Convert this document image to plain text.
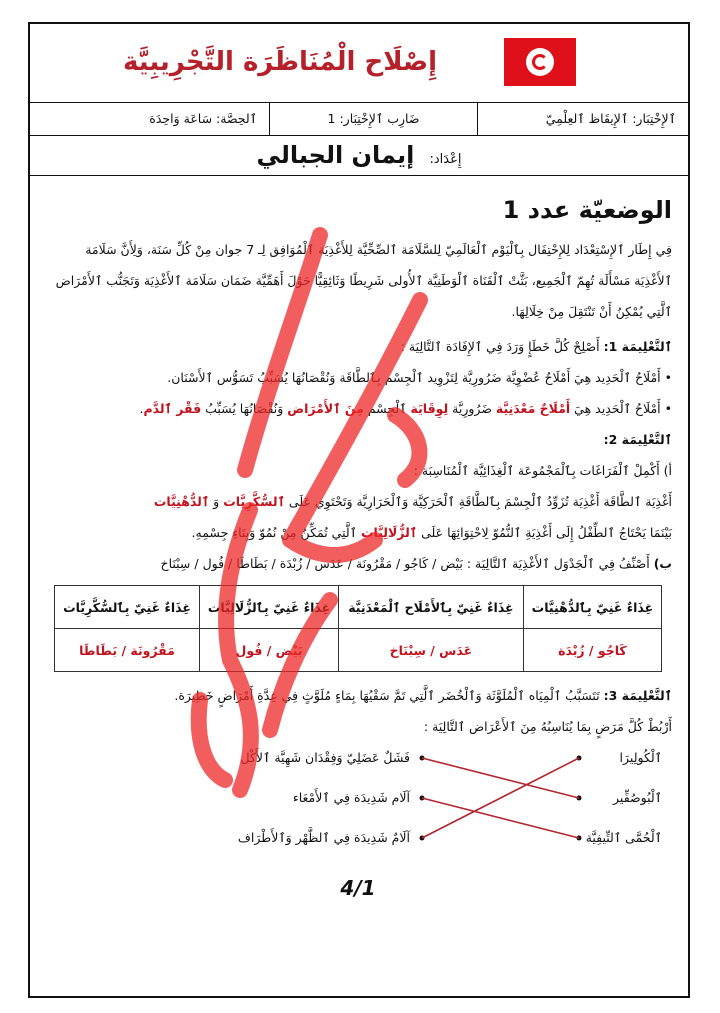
إِصْلَاح الْمُنَاظَرَة التَّجْرِيبِيَّة
ٱلإِخْتِبَار: ٱلإِيقَاظ ٱلعِلْمِيّ
ضَارِب ٱلإِخْتِبَار: 1
ٱلحِصَّة: سَاعَة وَاحِدَة
إِعْدَاد: إيمان الجبالي
الوضعيّة عدد 1
فِي إِطَار ٱلإِسْتِعْدَاد لِلإِحْتِفَال بِٱلْيَوْم ٱلْعَالَمِيّ لِلسَّلَامَة ٱلصِّحِّيَّة لِلأَغْذِيَة ٱلْمُوَافِق لِـ 7 جوان مِنْ كُلِّ سَنَة، وَلِأَنَّ سَلَامَة ٱلأَغْذِيَة مَسْأَلَة تُهِمّ ٱلْجَمِيع، بَثَّتْ ٱلْقَنَاة ٱلْوَطَنِيَّة ٱلأُولى شَرِيطًا وَثَائِقِيًّا حَوْلَ أَهَمِّيَّة ضَمَان سَلَامَة ٱلأَغْذِيَة وَتَجَنُّب ٱلأَمْرَاض ٱلَّتِي يُمْكِنُ أَنْ تَنْتَقِلَ مِنْ خِلَالِهَا.
ٱلتَّعْلِيمَة 1: أَصْلِحْ كُلَّ خَطَإٍ وَرَدَ فِي ٱلإِفَادَة ٱلتَّالِيَة :
• أَمْلَاحُ ٱلْحَدِيد هِيَ أَمْلَاحٌ عُضْوِيَّة ضَرُورِيَّة لِتَزْوِيد ٱلْجِسْم بِٱلطَّاقَة وَنُقْصَانُهَا يُسَبِّبُ تَسَوُّس ٱلأَسْنَان.
• أَمْلَاحُ ٱلْحَدِيد هِيَ أَمْلَاحٌ مَعْدَنِيَّة ضَرُورِيَّة لِوِقَايَة ٱلْجِسْم مِنَ ٱلأَمْرَاض وَنُقْصَانُهَا يُسَبِّبُ فَقْر ٱلدَّم.
ٱلتَّعْلِيمَة 2:
أ) أَكْمِلْ ٱلْفَرَاغَات بِٱلْمَجْمُوعَة ٱلْغِذَائِيَّة ٱلْمُنَاسِبَة :
أَغْذِيَة ٱلطَّاقَة أَغْذِيَة تُزَوِّدُ ٱلْجِسْمَ بِٱلطَّاقَةِ ٱلْحَرَكِيَّة وَٱلْحَرَارِيَّة وَتَحْتَوِي عَلَى ٱلسُّكَّرِيَّات وَ ٱلدُّهْنِيَّات
بَيْنَمَا يَحْتَاجُ ٱلطِّفْلُ إِلَى أَغْذِيَةِ ٱلنُّمُوّ لِاحْتِوَائِهَا عَلَى ٱلزُّلَالِيَّات ٱلَّتِي تُمَكِّنُ مِنْ نُمُوّ وَبِنَاءِ جِسْمِهِ.
ب) أَصْنِّفُ فِي ٱلْجَدْوَل ٱلأَغْذِيَة ٱلتَّالِيَة : بَيْض / كَاجُو / مَقْرُونَة / عَدَس / زُبْدَة / بَطَاطَا / فُول / سِبْنَاخ
غِذَاءٌ غَنِيّ بِٱلدُّهْنِيَّات	غِذَاءٌ غَنِيّ بِٱلأَمْلَاح ٱلْمَعْدَنِيَّة	غِذَاءٌ غَنِيّ بِٱلزُّلَالِيَّات	غِذَاءٌ غَنِيّ بِٱلسُّكَّرِيَّات
كَاجُو / زُبْدَة	عَدَس / سِبْنَاخ	بَيْض / فُول	مَقْرُونَة / بَطَاطَا
ٱلتَّعْلِيمَة 3: تَتَسَبَّبُ ٱلْمِيَاه ٱلْمُلَوَّثَة وَٱلْخُضَر ٱلَّتِي تَمَّ سَقْيُهَا بِمَاءٍ مُلَوَّثٍ فِي عِدَّةِ أَمْرَاضٍ خَطِيرَة.
أَرْبُطْ كُلَّ مَرَضٍ بِمَا يُنَاسِبُهُ مِنَ ٱلأَعْرَاض ٱلتَّالِيَة :
ٱلْكُولِيرَا
ٱلْبُوصُفِّير
ٱلْحُمَّى ٱلتِّيفِيَّة
فَشَلٌ عَضَلِيّ وَفِقْدَان شَهِيَّة ٱلأَكْل
آلَام شَدِيدَة فِي ٱلأَمْعَاء
آلَامٌ شَدِيدَة فِي ٱلظَّهْر وَٱلأَطْرَاف
4/1
